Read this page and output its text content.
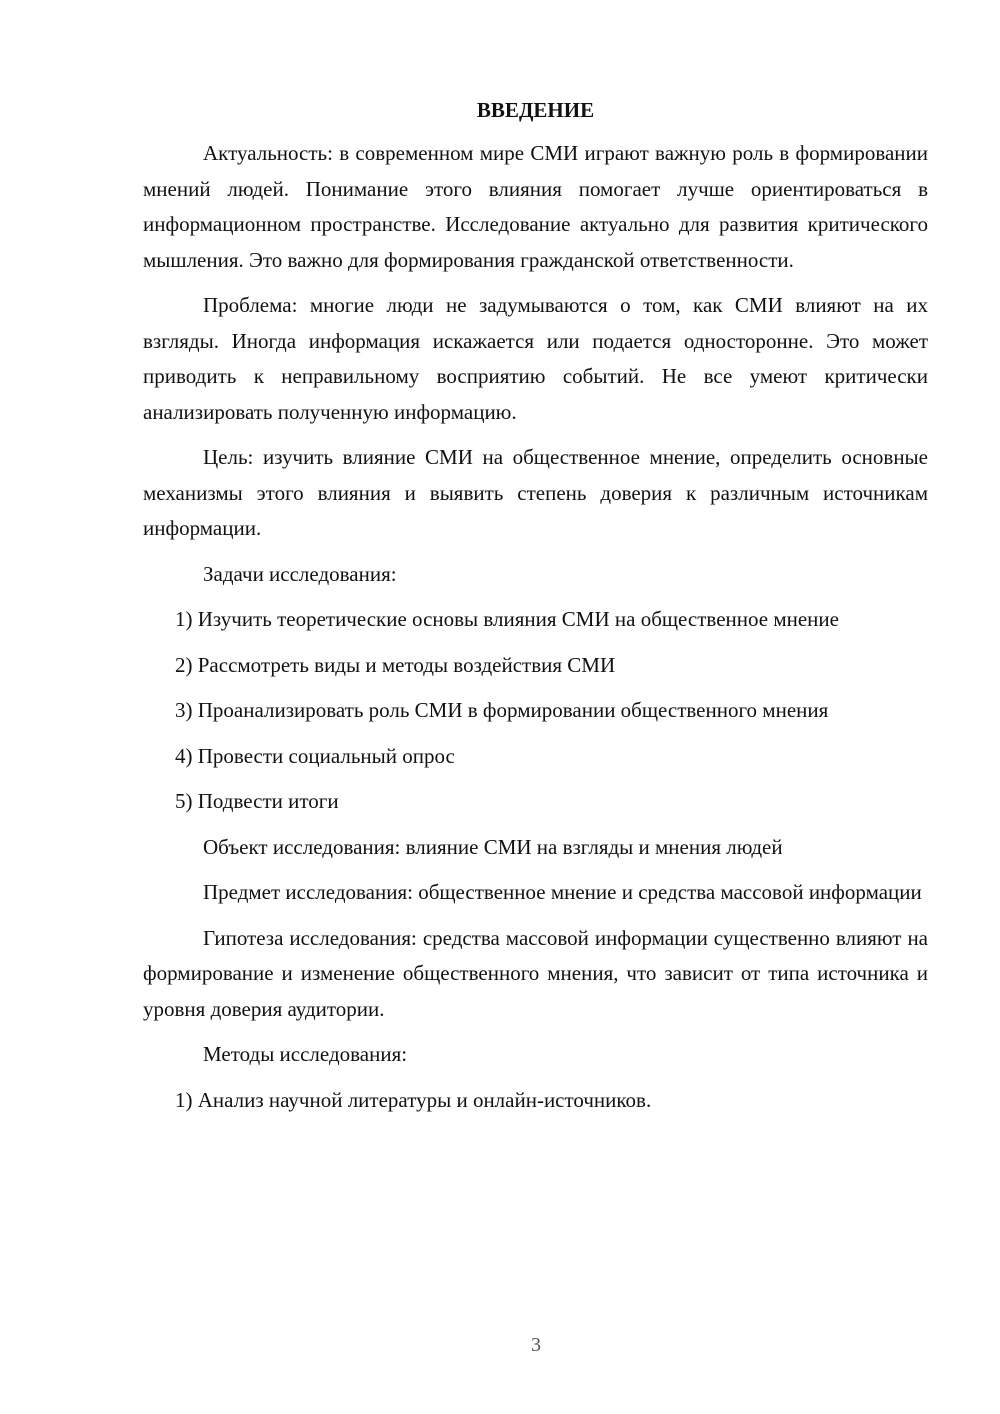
ВВЕДЕНИЕ

Актуальность: в современном мире СМИ играют важную роль в формировании мнений людей. Понимание этого влияния помогает лучше ориентироваться в информационном пространстве. Исследование актуально для развития критического мышления. Это важно для формирования гражданской ответственности.

Проблема: многие люди не задумываются о том, как СМИ влияют на их взгляды. Иногда информация искажается или подается односторонне. Это может приводить к неправильному восприятию событий. Не все умеют критически анализировать полученную информацию.

Цель: изучить влияние СМИ на общественное мнение, определить основные механизмы этого влияния и выявить степень доверия к различным источникам информации.

Задачи исследования:

1) Изучить теоретические основы влияния СМИ на общественное мнение

2) Рассмотреть виды и методы воздействия СМИ

3) Проанализировать роль СМИ в формировании общественного мнения

4) Провести социальный опрос

5) Подвести итоги

Объект исследования: влияние СМИ на взгляды и мнения людей

Предмет исследования: общественное мнение и средства массовой информации

Гипотеза исследования: средства массовой информации существенно влияют на формирование и изменение общественного мнения, что зависит от типа источника и уровня доверия аудитории.

Методы исследования:

1) Анализ научной литературы и онлайн-источников.

3
